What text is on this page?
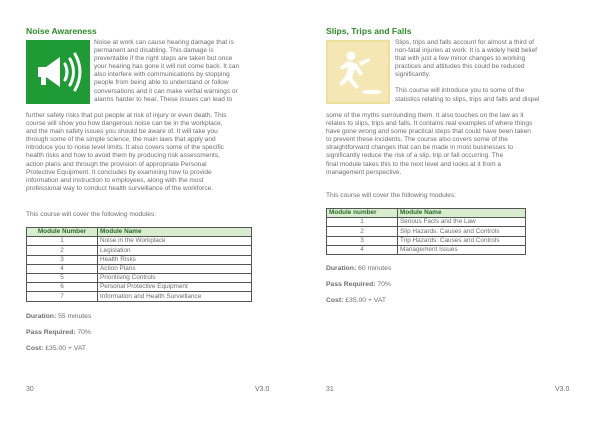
Noise Awareness
Noise at work can cause hearing damage that is
permanent and disabling. This damage is
preventable if the right steps are taken but once
your hearing has gone it will not come back. It can
also interfere with communications by stopping
people from being able to understand or follow
conversations and it can make verbal warnings or
alarms harder to hear. These issues can lead to
further safety risks that put people at risk of injury or even death. This
course will show you how dangerous noise can be in the workplace,
and the main safety issues you should be aware of. It will take you
through some of the simple science, the main laws that apply and
introduce you to noise level limits. It also covers some of the specific
health risks and how to avoid them by producing risk assessments,
action plans and through the provision of appropriate Personal
Protective Equipment. It concludes by examining how to provide
information and instruction to employees, along with the most
professional way to conduct health surveillance of the workforce.
This course will cover the following modules:
Module Number	Module Name
1	Noise in the Workplace
2	Legislation
3	Health Risks
4	Action Plans
5	Prioritising Controls
6	Personal Protective Equipment
7	Information and Health Surveillance
Duration: 55 minutes
Pass Required: 70%
Cost: £35.00 + VAT
30	V3.0
Slips, Trips and Falls
Slips, trips and falls account for almost a third of
non-fatal injuries at work. It is a widely held belief
that with just a few minor changes to working
practices and attitudes this could be reduced
significantly.
This course will introduce you to some of the
statistics relating to slips, trips and falls and dispel
some of the myths surrounding them. It also touches on the law as it
relates to slips, trips and falls. It contains real examples of where things
have gone wrong and some practical steps that could have been taken
to prevent these incidents. The course also covers some of the
straightforward changes that can be made in most businesses to
significantly reduce the risk of a slip, trip or fall occurring. The
final module takes this to the next level and looks at it from a
management perspective.
This course will cover the following modules:
Module number	Module Name
1	Serious Facts and the Law
2	Slip Hazards: Causes and Controls
3	Trip Hazards: Causes and Controls
4	Management Issues
Duration: 60 minutes
Pass Required: 70%
Cost: £35.00 + VAT
31	V3.0
